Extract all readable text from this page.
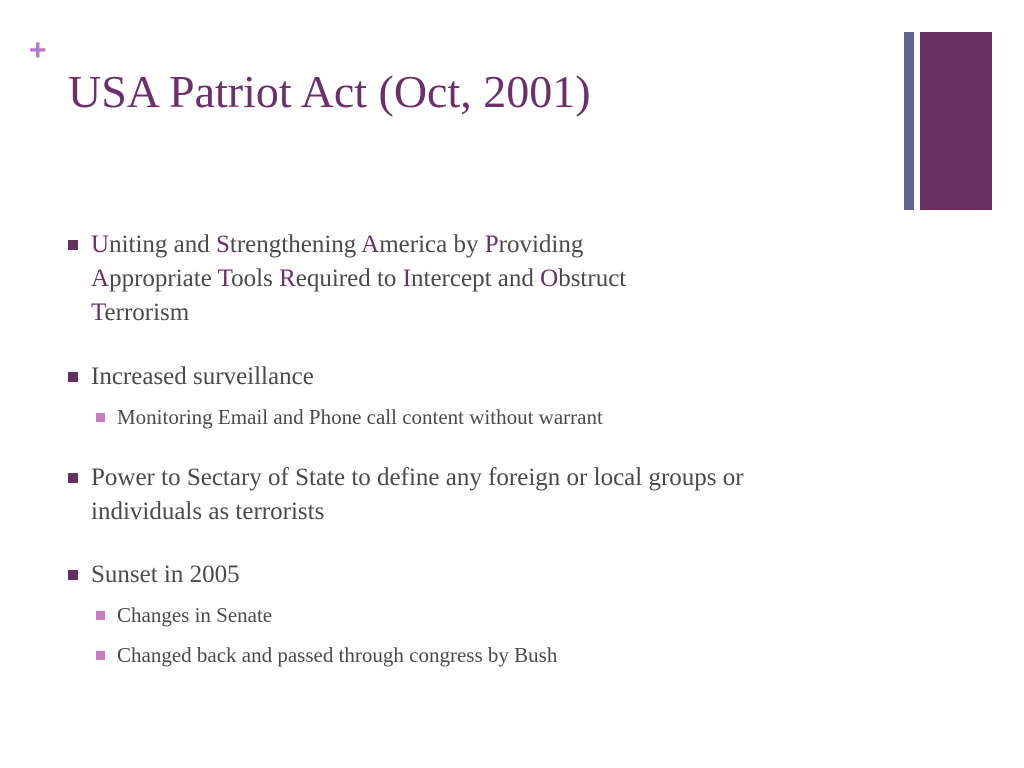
+
USA Patriot Act (Oct, 2001)
Uniting and Strengthening America by Providing
Appropriate Tools Required to Intercept and Obstruct
Terrorism
Increased surveillance
Monitoring Email and Phone call content without warrant
Power to Sectary of State to define any foreign or local groups or individuals as terrorists
Sunset in 2005
Changes in Senate
Changed back and passed through congress by Bush
